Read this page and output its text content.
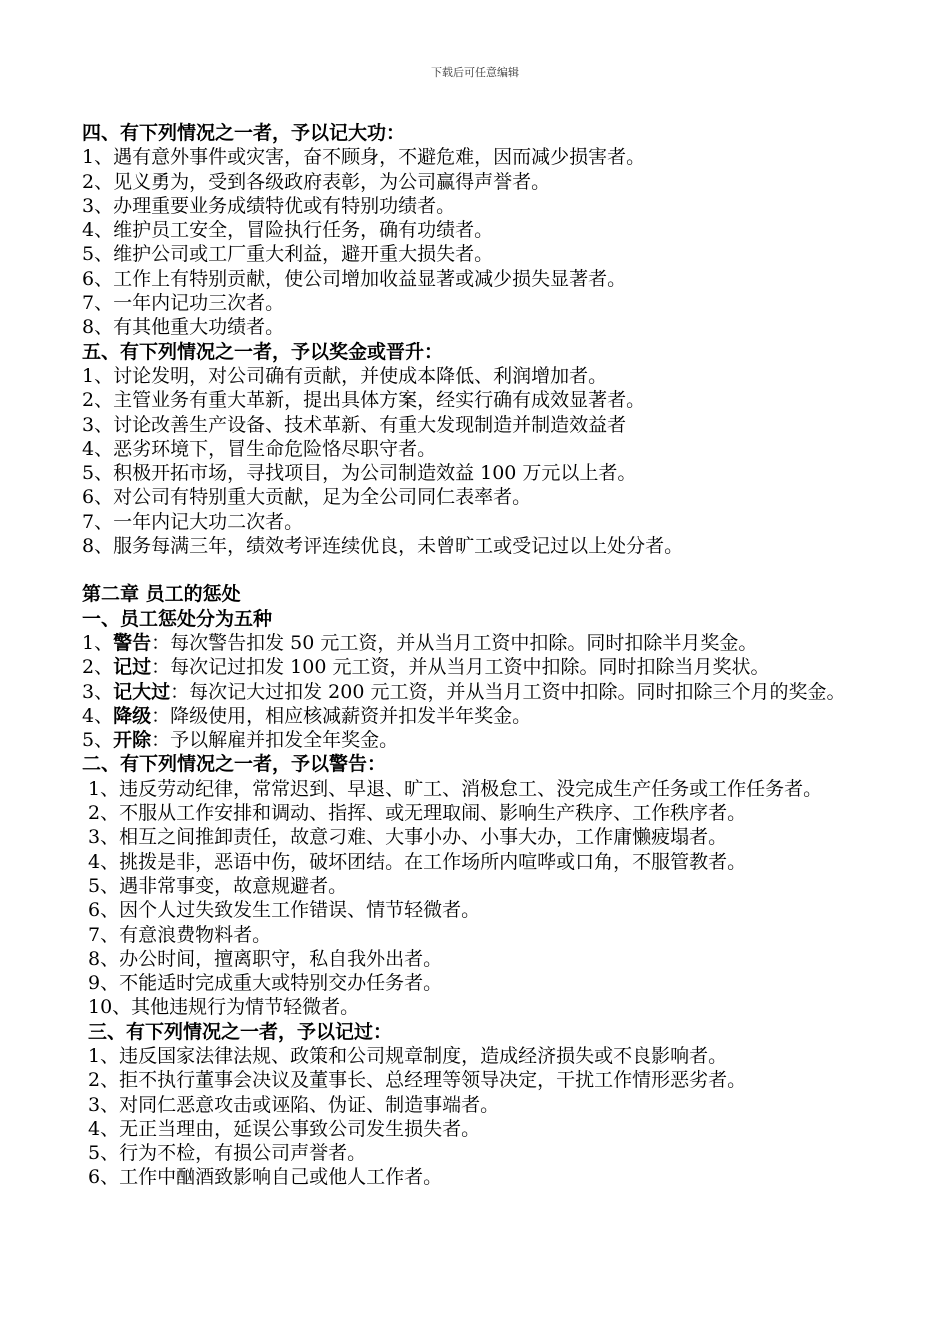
下载后可任意编辑
四、有下列情况之一者，予以记大功：
1、遇有意外事件或灾害，奋不顾身，不避危难，因而减少损害者。
2、见义勇为，受到各级政府表彰，为公司赢得声誉者。
3、办理重要业务成绩特优或有特别功绩者。
4、维护员工安全，冒险执行任务，确有功绩者。
5、维护公司或工厂重大利益，避开重大损失者。
6、工作上有特别贡献，使公司增加收益显著或减少损失显著者。
7、一年内记功三次者。
8、有其他重大功绩者。
五、有下列情况之一者，予以奖金或晋升：
1、讨论发明，对公司确有贡献，并使成本降低、利润增加者。
2、主管业务有重大革新，提出具体方案，经实行确有成效显著者。
3、讨论改善生产设备、技术革新、有重大发现制造并制造效益者
4、恶劣环境下，冒生命危险恪尽职守者。
5、积极开拓市场，寻找项目，为公司制造效益 100 万元以上者。
6、对公司有特别重大贡献，足为全公司同仁表率者。
7、一年内记大功二次者。
8、服务每满三年，绩效考评连续优良，未曾旷工或受记过以上处分者。
第二章 员工的惩处
一、员工惩处分为五种
1、 警告 ：每次警告扣发 50 元工资，并从当月工资中扣除。同时扣除半月奖金。
2、 记过 ：每次记过扣发 100 元工资，并从当月工资中扣除。同时扣除当月奖状。
3、 记大过 ：每次记大过扣发 200 元工资，并从当月工资中扣除。同时扣除三个月的奖金。
4、 降级 ：降级使用，相应核减薪资并扣发半年奖金。
5、 开除 ：予以解雇并扣发全年奖金。
二、有下列情况之一者，予以警告：
1、违反劳动纪律，常常迟到、早退、旷工、消极怠工、没完成生产任务或工作任务者。
2、不服从工作安排和调动、指挥、或无理取闹、影响生产秩序、工作秩序者。
3、相互之间推卸责任，故意刁难、大事小办、小事大办，工作庸懒疲塌者。
4、挑拨是非，恶语中伤，破坏团结。在工作场所内喧哗或口角，不服管教者。
5、遇非常事变，故意规避者。
6、因个人过失致发生工作错误、情节轻微者。
7、有意浪费物料者。
8、办公时间，擅离职守，私自我外出者。
9、不能适时完成重大或特别交办任务者。
10、其他违规行为情节轻微者。
三、有下列情况之一者，予以记过：
1、违反国家法律法规、政策和公司规章制度，造成经济损失或不良影响者。
2、拒不执行董事会决议及董事长、总经理等领导决定，干扰工作情形恶劣者。
3、对同仁恶意攻击或诬陷、伪证、制造事端者。
4、无正当理由，延误公事致公司发生损失者。
5、行为不检，有损公司声誉者。
6、工作中酗酒致影响自己或他人工作者。
